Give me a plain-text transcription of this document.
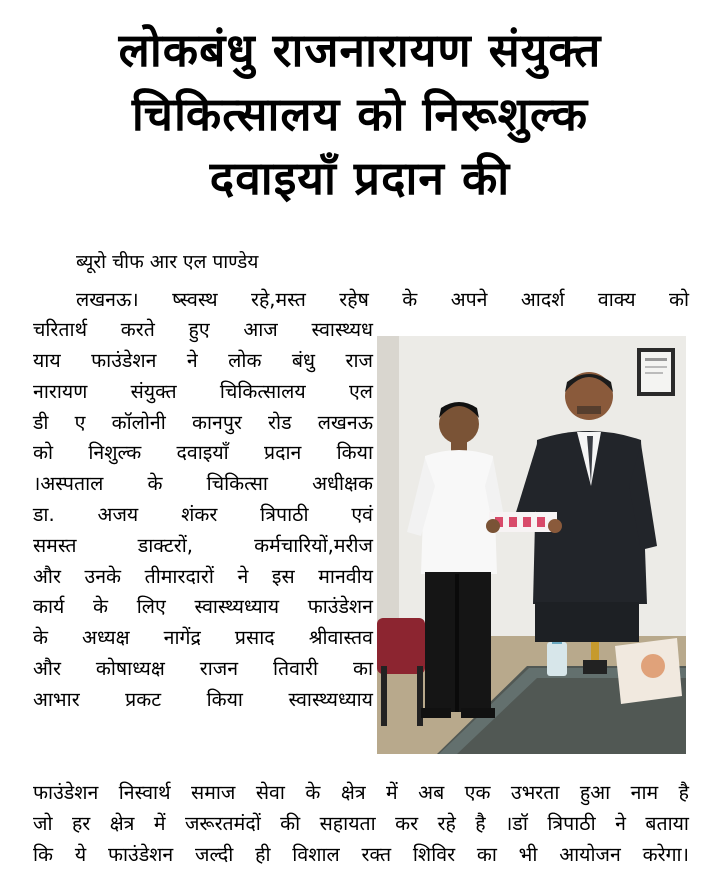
लोकबंधु राजनारायण संयुक्त
चिकित्सालय को निरूशुल्क
दवाइयाँ प्रदान की
ब्यूरो चीफ आर एल पाण्डेय
लखनऊ। ष्स्वस्थ रहे,मस्त रहेष के अपने आदर्श वाक्य को
चरितार्थ करते हुए आज स्वास्थ्यध
याय फाउंडेशन ने लोक बंधु राज
नारायण संयुक्त चिकित्सालय एल
डी ए कॉलोनी कानपुर रोड लखनऊ
को निशुल्क दवाइयाँ प्रदान किया
।अस्पताल के चिकित्सा अधीक्षक
डा. अजय शंकर त्रिपाठी एवं
समस्त डाक्टरों, कर्मचारियों,मरीज
और उनके तीमारदारों ने इस मानवीय
कार्य के लिए स्वास्थ्यध्याय फाउंडेशन
के अध्यक्ष नागेंद्र प्रसाद श्रीवास्तव
और कोषाध्यक्ष राजन तिवारी का
आभार प्रकट किया स्वास्थ्यध्याय
फाउंडेशन निस्वार्थ समाज सेवा के क्षेत्र में अब एक उभरता हुआ नाम है
जो हर क्षेत्र में जरूरतमंदों की सहायता कर रहे है ।डॉ त्रिपाठी ने बताया
कि ये फाउंडेशन जल्दी ही विशाल रक्त शिविर का भी आयोजन करेगा।
